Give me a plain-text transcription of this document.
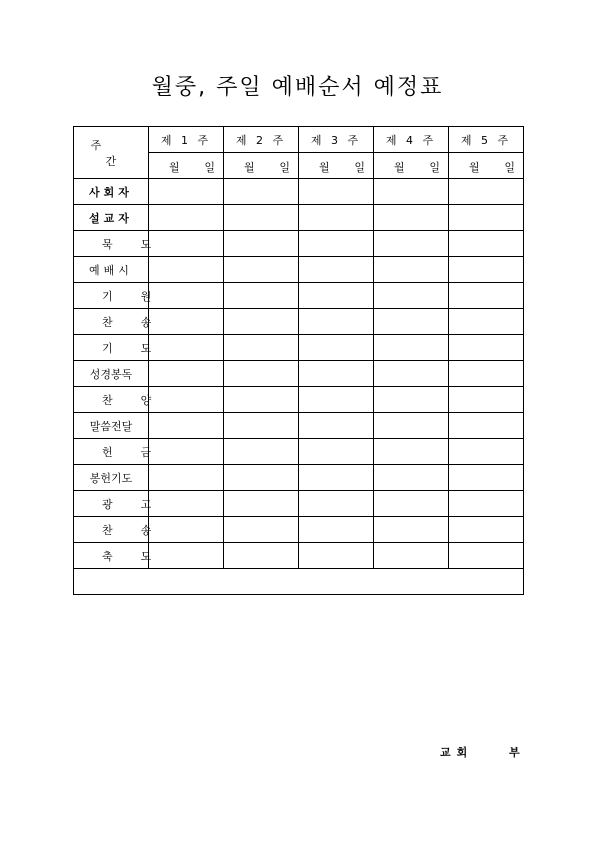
월중, 주일 예배순서 예정표
주 간	제 1 주	제 2 주	제 3 주	제 4 주	제 5 주

	월 일	월 일	월 일	월 일	월 일

사회자					
설교자					
묵도					
예배시					
기원					
찬송					
기도					
성경봉독					
찬양					
말씀전달					
헌금					
봉헌기도					
광고					
찬송					
축도					

교회	부
